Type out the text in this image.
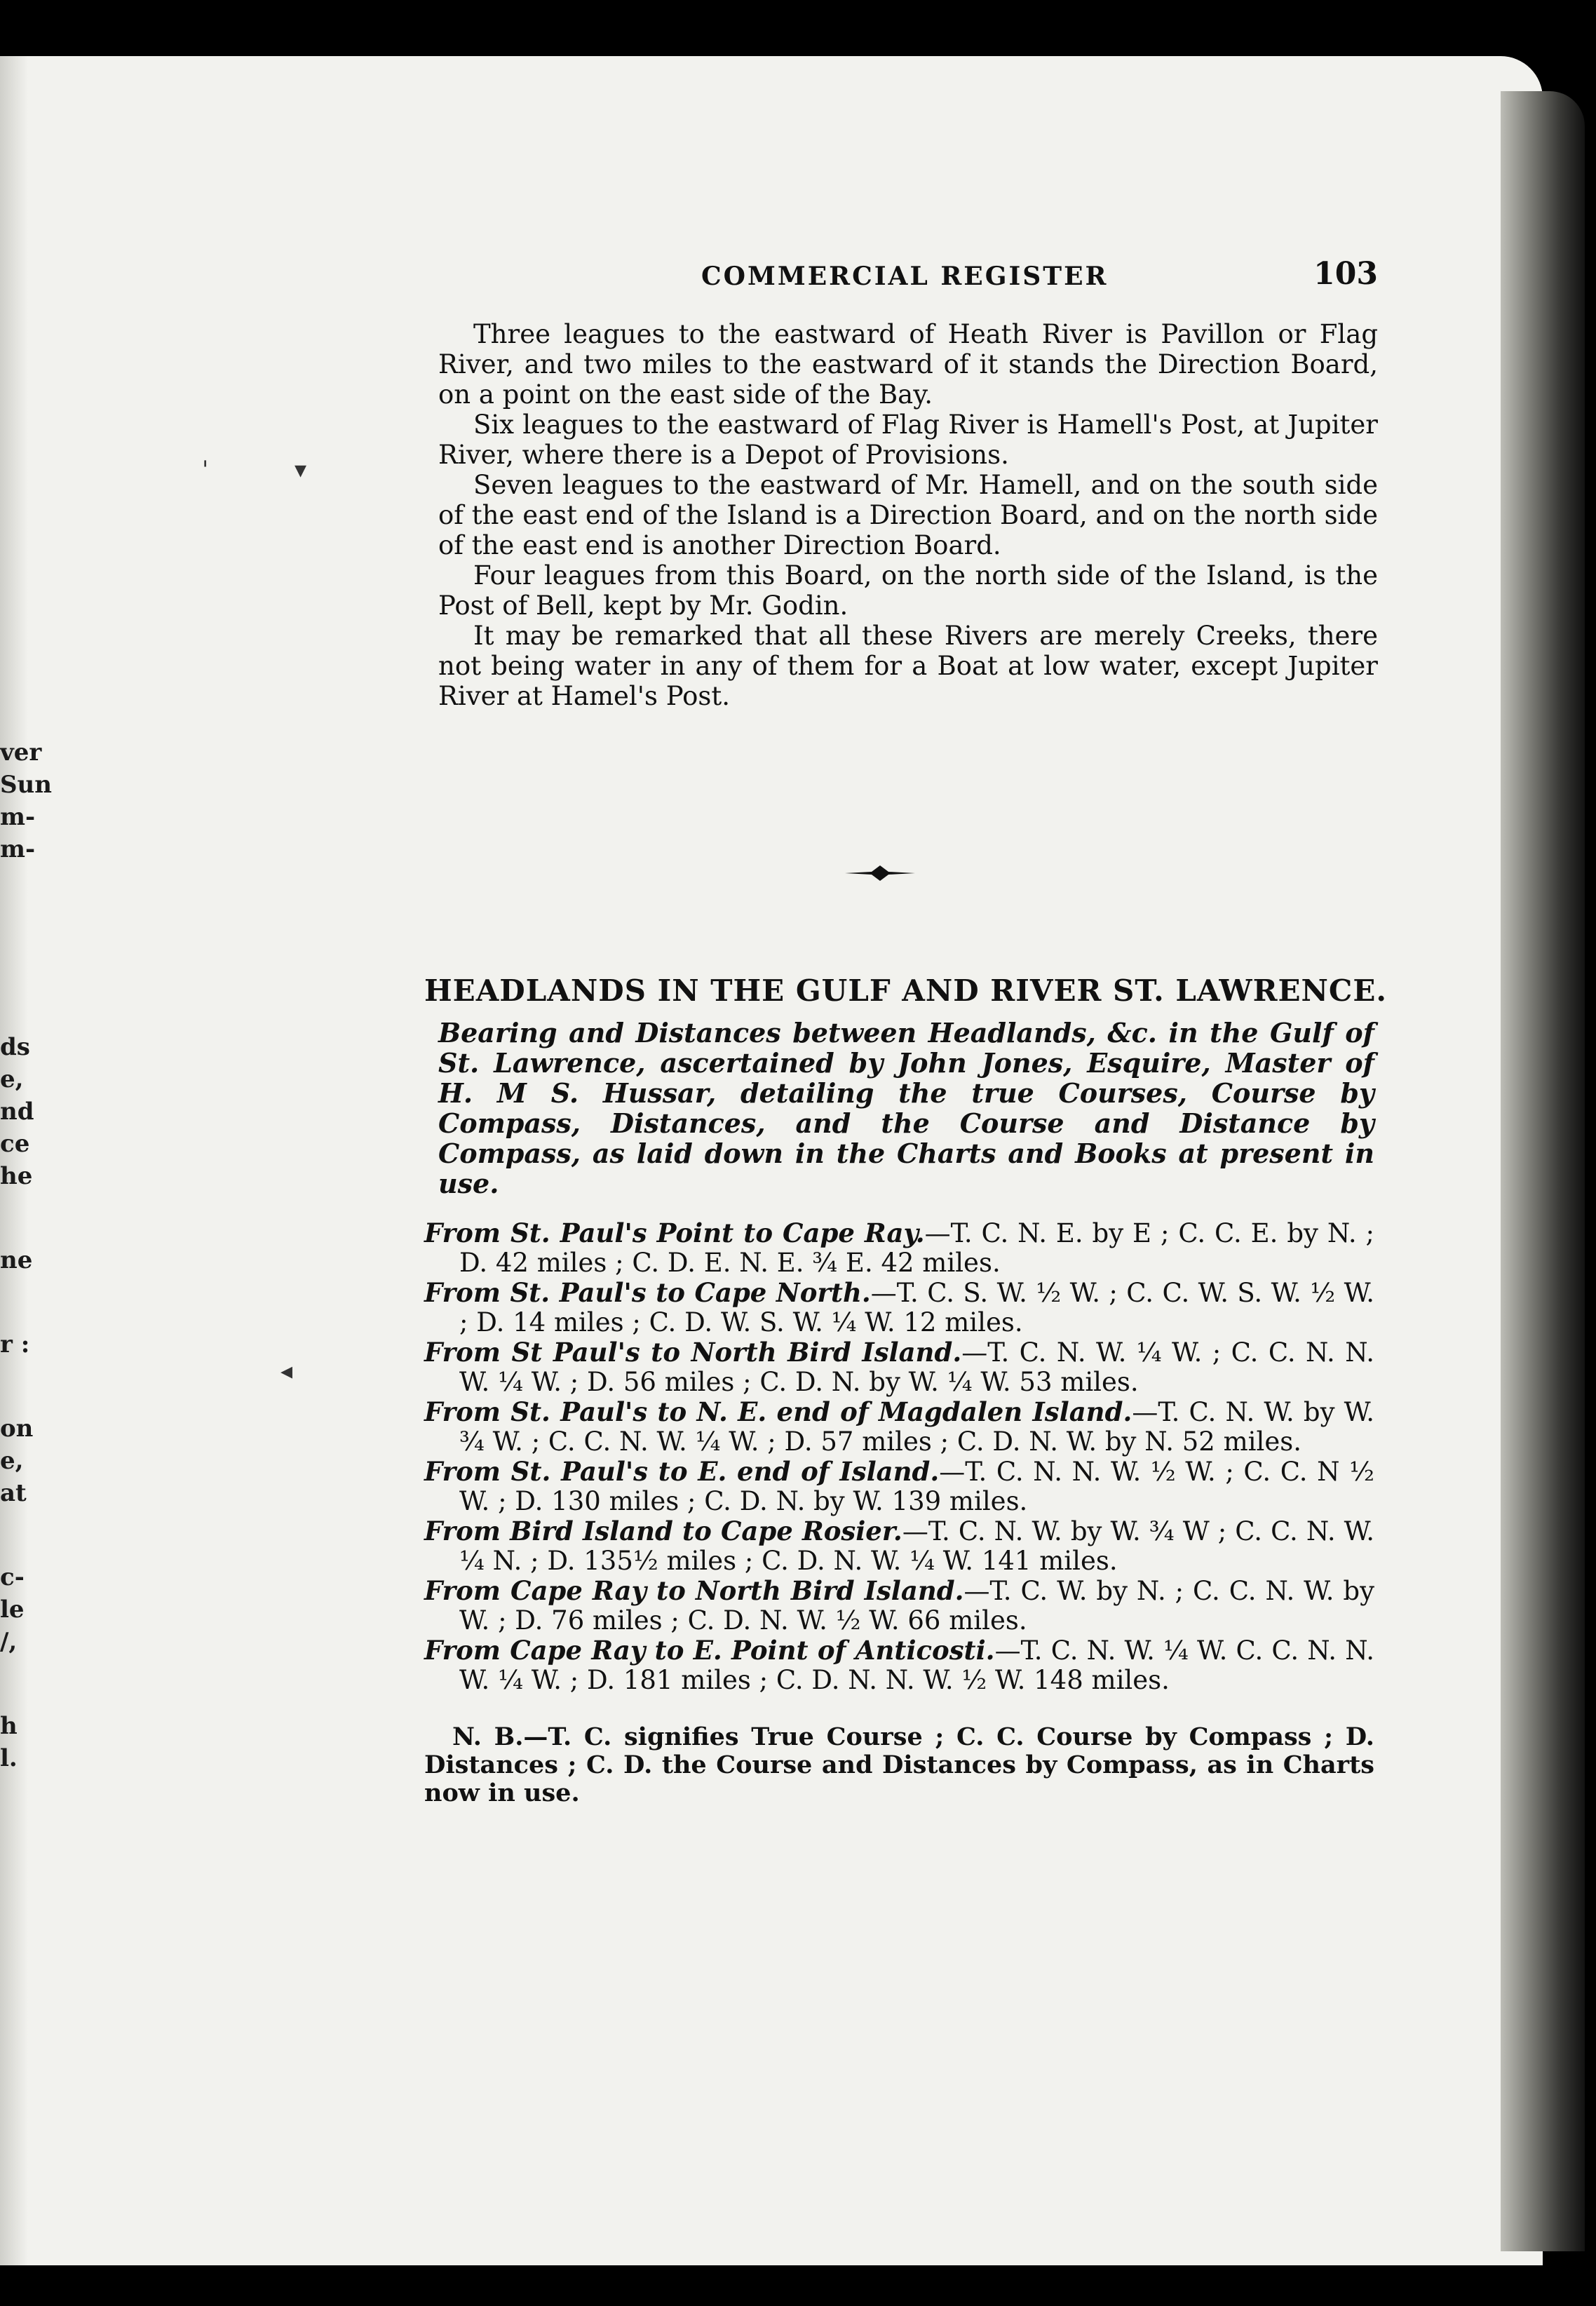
ver
Sun
m-
m-
ds
e,
nd
ce
he
ne
r :
on
e,
at
c-
le
/,
h
l.
COMMERCIAL REGISTER	103

Three leagues to the eastward of Heath River is Pavillon or Flag River, and two miles to the eastward of it stands the Direction Board, on a point on the east side of the Bay.

Six leagues to the eastward of Flag River is Hamell's Post, at Jupiter River, where there is a Depot of Provisions.

Seven leagues to the eastward of Mr. Hamell, and on the south side of the east end of the Island is a Direction Board, and on the north side of the east end is another Direction Board.

Four leagues from this Board, on the north side of the Island, is the Post of Bell, kept by Mr. Godin.

It may be remarked that all these Rivers are merely Creeks, there not being water in any of them for a Boat at low water, except Jupiter River at Hamel's Post.

HEADLANDS IN THE GULF AND RIVER ST. LAWRENCE.
Bearing and Distances between Headlands, &c. in the Gulf of St. Lawrence, ascertained by John Jones, Esquire, Master of H. M S. Hussar, detailing the true Courses, Course by Compass, Distances, and the Course and Distance by Compass, as laid down in the Charts and Books at present in use.

From St. Paul's Point to Cape Ray.—T. C. N. E. by E ; C. C. E. by N. ; D. 42 miles ; C. D. E. N. E. ¾ E. 42 miles.

From St. Paul's to Cape North.—T. C. S. W. ½ W. ; C. C. W. S. W. ½ W. ; D. 14 miles ; C. D. W. S. W. ¼ W. 12 miles.

From St Paul's to North Bird Island.—T. C. N. W. ¼ W. ; C. C. N. N. W. ¼ W. ; D. 56 miles ; C. D. N. by W. ¼ W. 53 miles.

From St. Paul's to N. E. end of Magdalen Island.—T. C. N. W. by W. ¾ W. ; C. C. N. W. ¼ W. ; D. 57 miles ; C. D. N. W. by N. 52 miles.

From St. Paul's to E. end of Island.—T. C. N. N. W. ½ W. ; C. C. N ½ W. ; D. 130 miles ; C. D. N. by W. 139 miles.

From Bird Island to Cape Rosier.—T. C. N. W. by W. ¾ W ; C. C. N. W. ¼ N. ; D. 135½ miles ; C. D. N. W. ¼ W. 141 miles.

From Cape Ray to North Bird Island.—T. C. W. by N. ; C. C. N. W. by W. ; D. 76 miles ; C. D. N. W. ½ W. 66 miles.

From Cape Ray to E. Point of Anticosti.—T. C. N. W. ¼ W. C. C. N. N. W. ¼ W. ; D. 181 miles ; C. D. N. N. W. ½ W. 148 miles.

N. B.—T. C. signifies True Course ; C. C. Course by Compass ; D. Distances ; C. D. the Course and Distances by Compass, as in Charts now in use.

'	▾
◂
